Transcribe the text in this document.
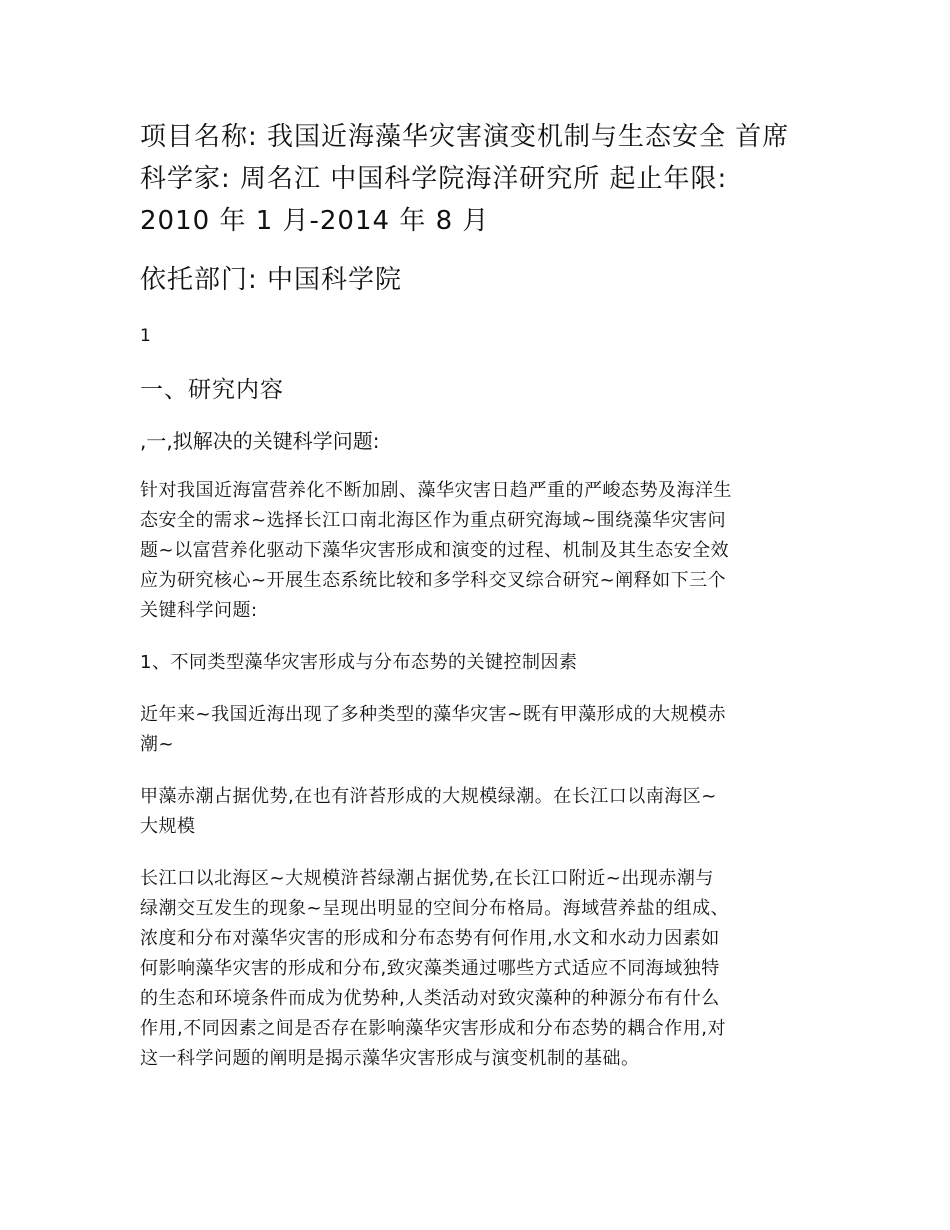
项目名称: 我国近海藻华灾害演变机制与生态安全 首席

科学家: 周名江 中国科学院海洋研究所 起止年限:

2010 年 1 月-2014 年 8 月

依托部门: 中国科学院
1
一、研究内容
,一,拟解决的关键科学问题:
针对我国近海富营养化不断加剧、藻华灾害日趋严重的严峻态势及海洋生
态安全的需求~选择长江口南北海区作为重点研究海域~围绕藻华灾害问
题~以富营养化驱动下藻华灾害形成和演变的过程、机制及其生态安全效
应为研究核心~开展生态系统比较和多学科交叉综合研究~阐释如下三个
关键科学问题:
1、不同类型藻华灾害形成与分布态势的关键控制因素
近年来~我国近海出现了多种类型的藻华灾害~既有甲藻形成的大规模赤
潮~
甲藻赤潮占据优势,在也有浒苔形成的大规模绿潮。在长江口以南海区~
大规模
长江口以北海区~大规模浒苔绿潮占据优势,在长江口附近~出现赤潮与
绿潮交互发生的现象~呈现出明显的空间分布格局。海域营养盐的组成、
浓度和分布对藻华灾害的形成和分布态势有何作用,水文和水动力因素如
何影响藻华灾害的形成和分布,致灾藻类通过哪些方式适应不同海域独特
的生态和环境条件而成为优势种,人类活动对致灾藻种的种源分布有什么
作用,不同因素之间是否存在影响藻华灾害形成和分布态势的耦合作用,对
这一科学问题的阐明是揭示藻华灾害形成与演变机制的基础。
